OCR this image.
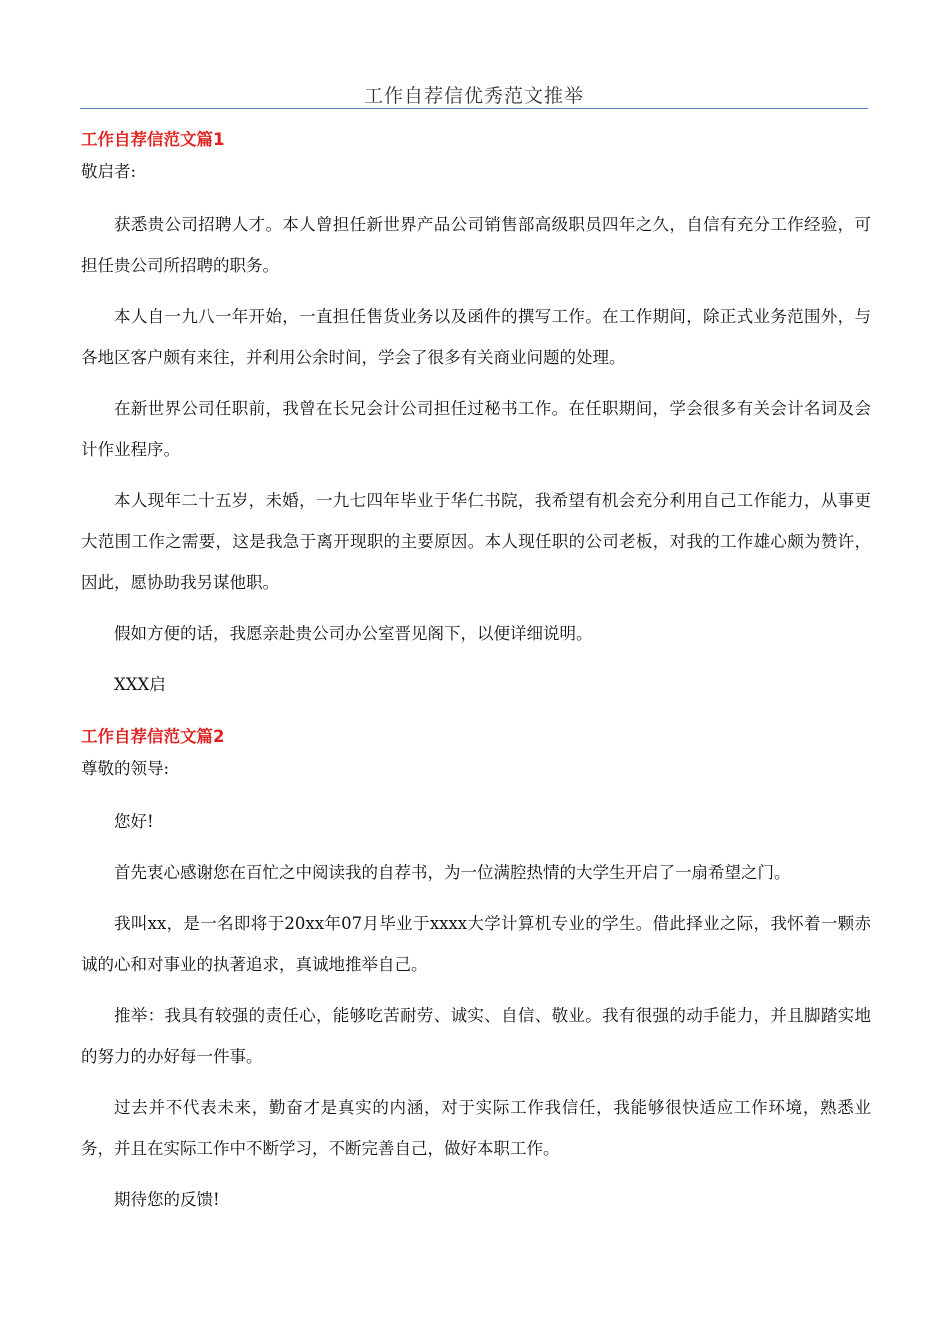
工作自荐信优秀范文推举

工作自荐信范文篇1

敬启者:

获悉贵公司招聘人才。本人曾担任新世界产品公司销售部高级职员四年之久，自信有充分工作经验，可担任贵公司所招聘的职务。

本人自一九八一年开始，一直担任售货业务以及函件的撰写工作。在工作期间，除正式业务范围外，与各地区客户颇有来往，并利用公余时间，学会了很多有关商业问题的处理。

在新世界公司任职前，我曾在长兄会计公司担任过秘书工作。在任职期间，学会很多有关会计名词及会计作业程序。

本人现年二十五岁，未婚，一九七四年毕业于华仁书院，我希望有机会充分利用自己工作能力，从事更大范围工作之需要，这是我急于离开现职的主要原因。本人现任职的公司老板，对我的工作雄心颇为赞许，因此，愿协助我另谋他职。

假如方便的话，我愿亲赴贵公司办公室晋见阁下，以便详细说明。

XXX启

工作自荐信范文篇2

尊敬的领导:

您好!

首先衷心感谢您在百忙之中阅读我的自荐书，为一位满腔热情的大学生开启了一扇希望之门。

我叫xx，是一名即将于20xx年07月毕业于xxxx大学计算机专业的学生。借此择业之际，我怀着一颗赤诚的心和对事业的执著追求，真诚地推举自己。

推举：我具有较强的责任心，能够吃苦耐劳、诚实、自信、敬业。我有很强的动手能力，并且脚踏实地的努力的办好每一件事。

过去并不代表未来，勤奋才是真实的内涵，对于实际工作我信任，我能够很快适应工作环境，熟悉业务，并且在实际工作中不断学习，不断完善自己，做好本职工作。

期待您的反馈!
